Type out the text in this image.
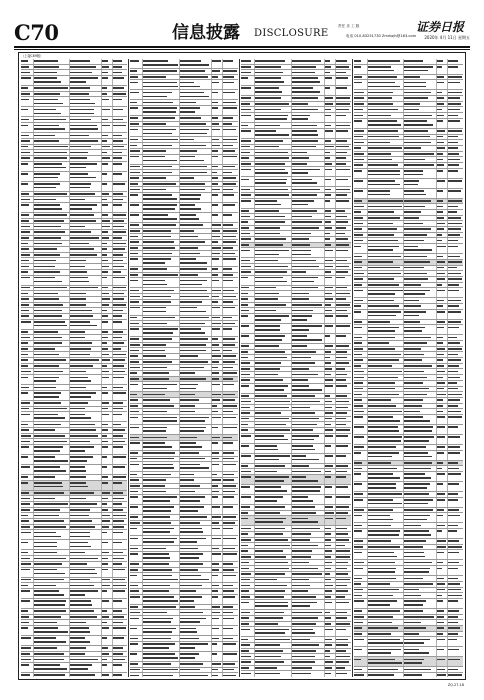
C70	信息披露 DISCLOSURE
责任 乐 工 版
电话 010-83251730 Zmrbzjh@163.com
证券日报
2020年 4月 11日 星期五
（上接C69版）
ZQ-27-18
